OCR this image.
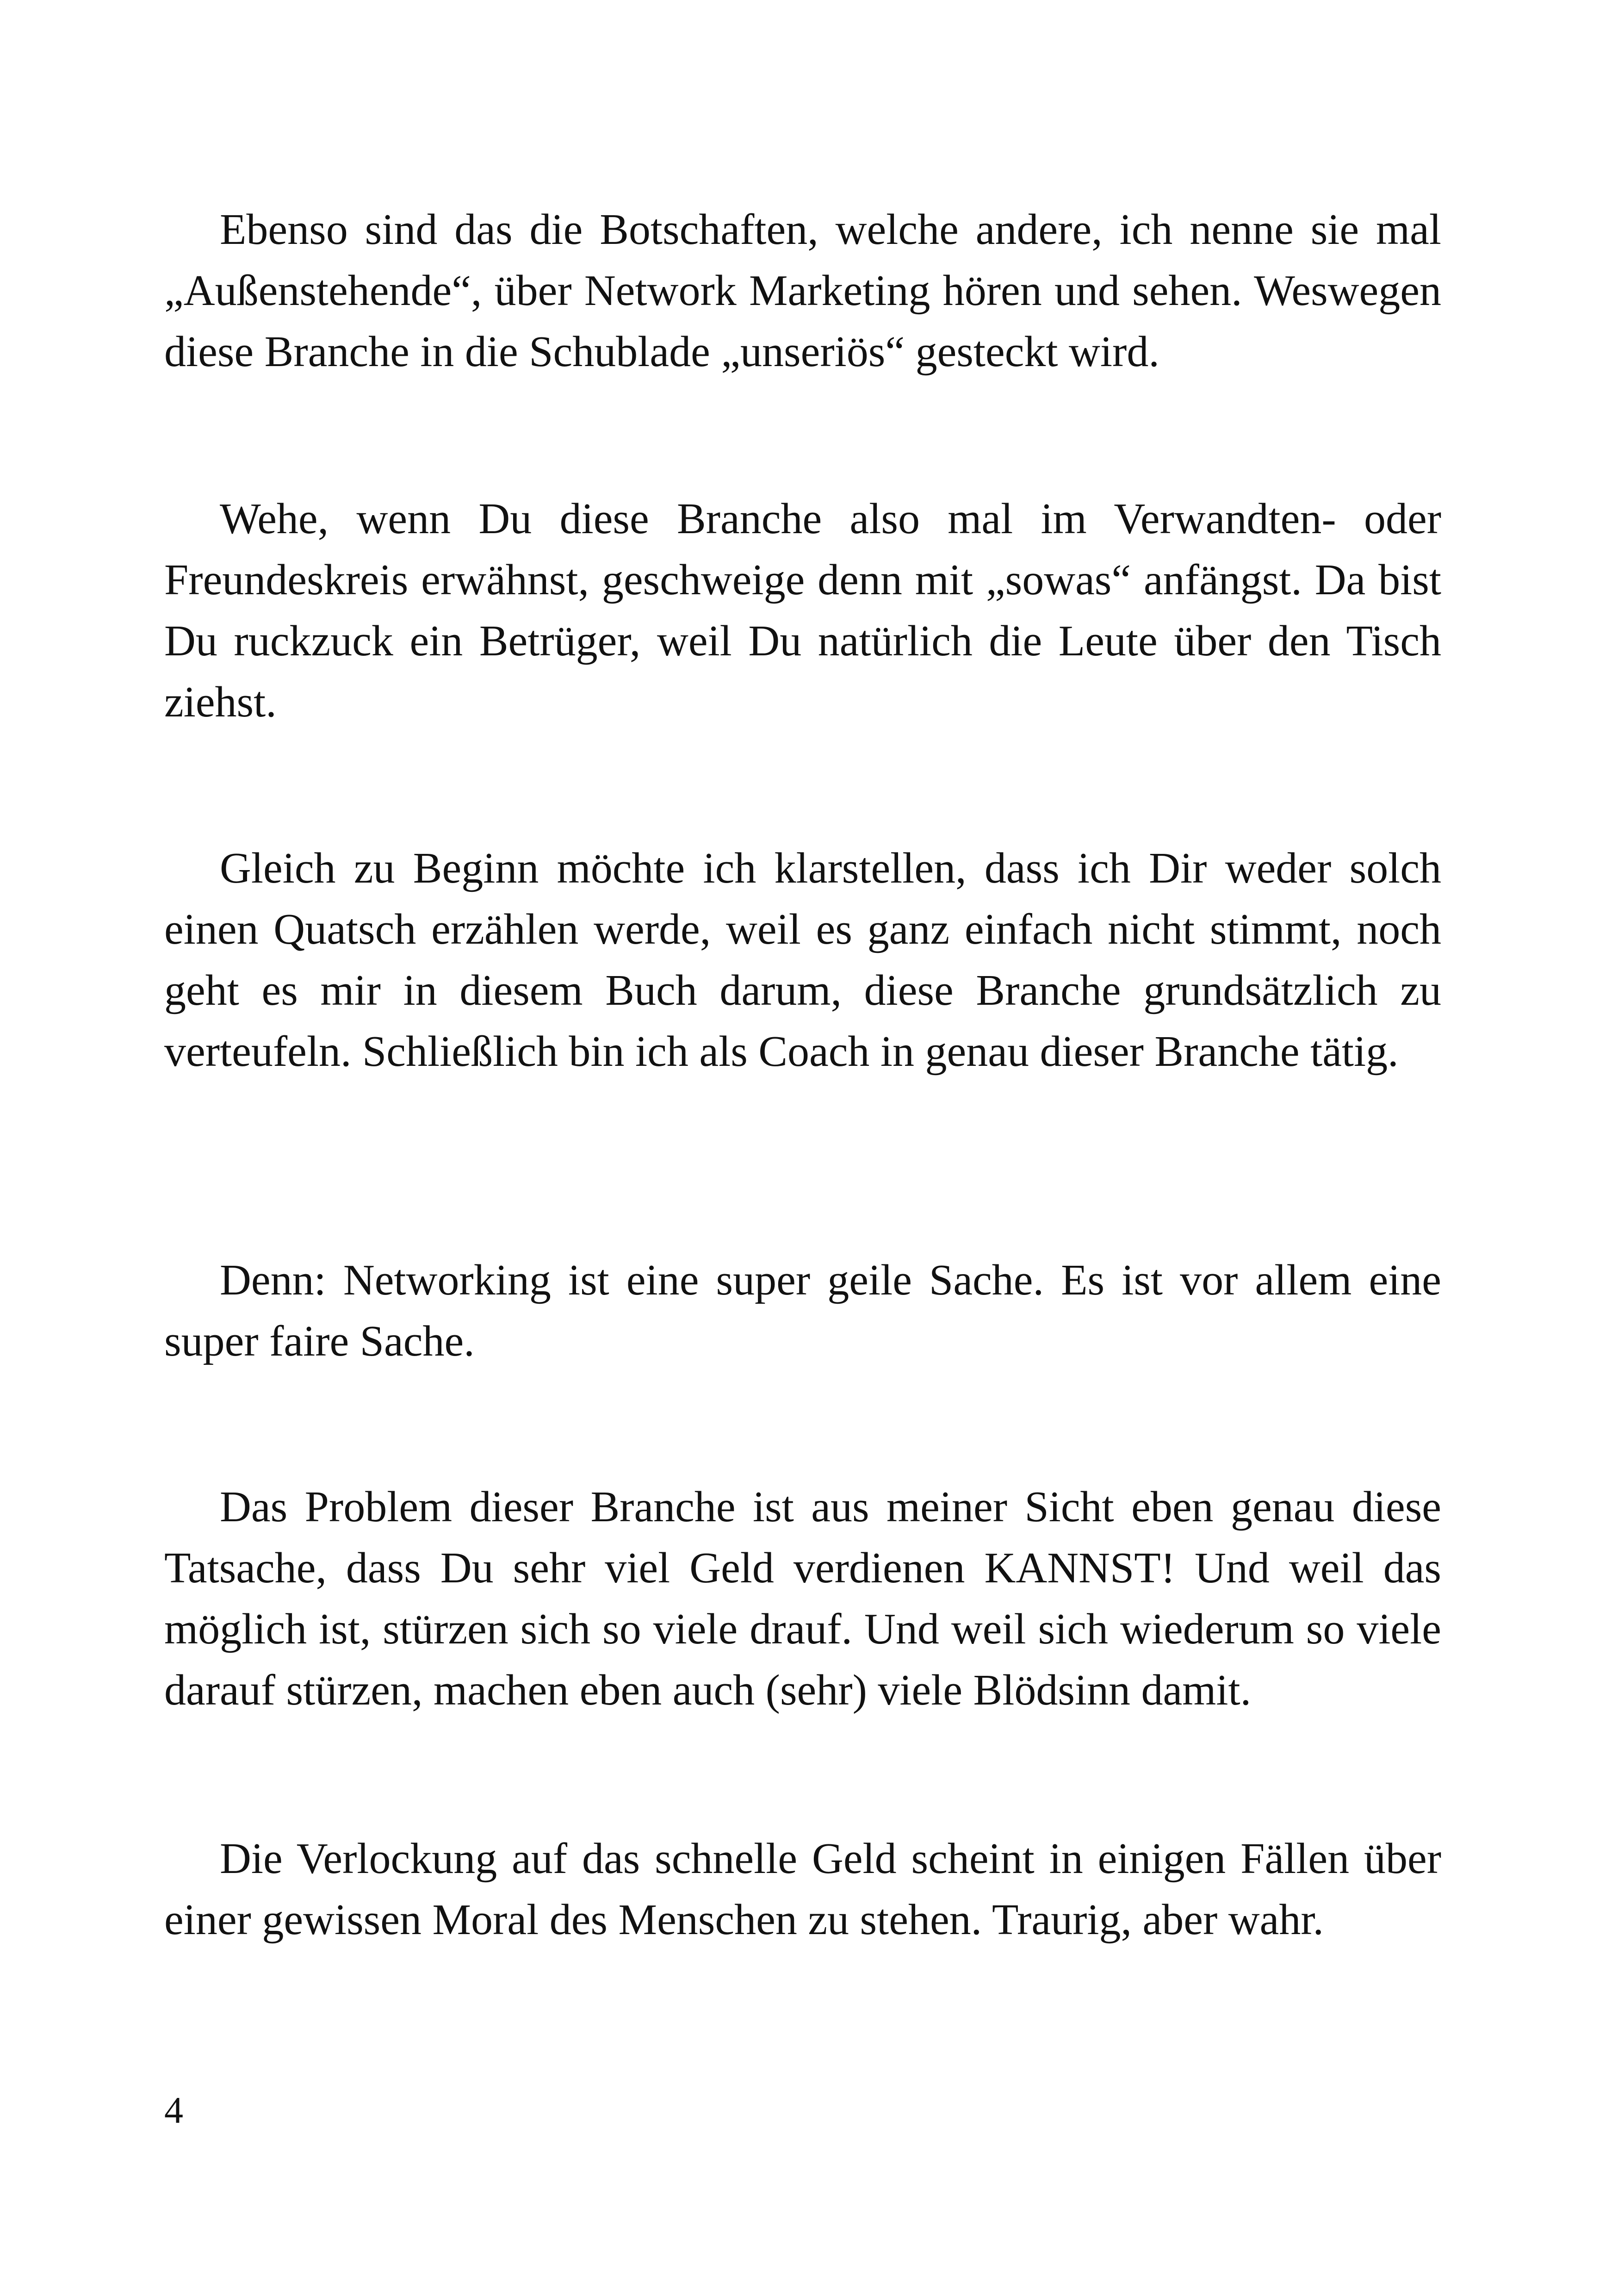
Ebenso sind das die Botschaften, welche andere, ich nenne sie mal „Außenstehende“, über Network Marketing hören und sehen. Weswegen diese Branche in die Schublade „unseriös“ gesteckt wird.

Wehe, wenn Du diese Branche also mal im Verwandten- oder Freundeskreis erwähnst, geschweige denn mit „sowas“ anfängst. Da bist Du ruckzuck ein Betrüger, weil Du natürlich die Leute über den Tisch ziehst.

Gleich zu Beginn möchte ich klarstellen, dass ich Dir weder solch einen Quatsch erzählen werde, weil es ganz einfach nicht stimmt, noch geht es mir in diesem Buch darum, diese Branche grundsätzlich zu verteufeln. Schließlich bin ich als Coach in genau dieser Branche tätig.

Denn: Networking ist eine super geile Sache. Es ist vor allem eine super faire Sache.

Das Problem dieser Branche ist aus meiner Sicht eben genau diese Tatsache, dass Du sehr viel Geld verdienen KANNST! Und weil das möglich ist, stürzen sich so viele drauf. Und weil sich wiederum so viele darauf stürzen, machen eben auch (sehr) viele Blödsinn damit.

Die Verlockung auf das schnelle Geld scheint in einigen Fällen über einer gewissen Moral des Menschen zu stehen. Traurig, aber wahr.

4
